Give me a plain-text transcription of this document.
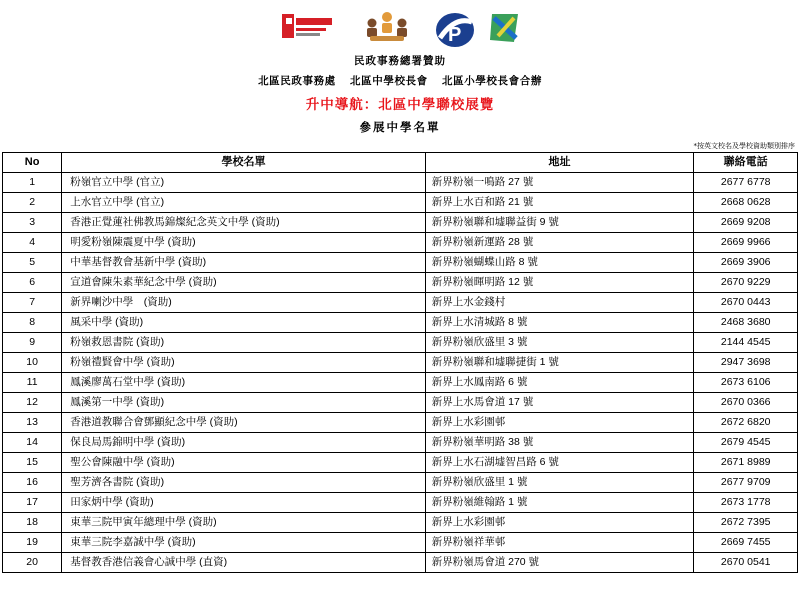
P
民政事務總署贊助
北區民政事務處 北區中學校長會 北區小學校長會合辦
升中導航：北區中學聯校展覽
參展中學名單
*按英文校名及學校資助類別排序
No	學校名單	地址	聯絡電話
1	粉嶺官立中學 (官立)	新界粉嶺一鳴路 27 號	2677 6778
2	上水官立中學 (官立)	新界上水百和路 21 號	2668 0628
3	香港正覺蓮社佛教馬錦燦紀念英文中學 (資助)	新界粉嶺聯和墟聯益街 9 號	2669 9208
4	明愛粉嶺陳震夏中學 (資助)	新界粉嶺新運路 28 號	2669 9966
5	中華基督教會基新中學 (資助)	新界粉嶺蝴蝶山路 8 號	2669 3906
6	宣道會陳朱素華紀念中學 (資助)	新界粉嶺暉明路 12 號	2670 9229
7	新界喇沙中學　(資助)	新界上水金錢村	2670 0443
8	風采中學 (資助)	新界上水清城路 8 號	2468 3680
9	粉嶺救恩書院 (資助)	新界粉嶺欣盛里 3 號	2144 4545
10	粉嶺禮賢會中學 (資助)	新界粉嶺聯和墟聯捷街 1 號	2947 3698
11	鳳溪廖萬石堂中學 (資助)	新界上水鳳南路 6 號	2673 6106
12	鳳溪第一中學 (資助)	新界上水馬會道 17 號	2670 0366
13	香港道教聯合會鄧顯紀念中學 (資助)	新界上水彩園邨	2672 6820
14	保良局馬錦明中學 (資助)	新界粉嶺華明路 38 號	2679 4545
15	聖公會陳融中學 (資助)	新界上水石湖墟智昌路 6 號	2671 8989
16	聖芳濟各書院 (資助)	新界粉嶺欣盛里 1 號	2677 9709
17	田家炳中學 (資助)	新界粉嶺維翰路 1 號	2673 1778
18	東華三院甲寅年總理中學 (資助)	新界上水彩園邨	2672 7395
19	東華三院李嘉誠中學 (資助)	新界粉嶺祥華邨	2669 7455
20	基督教香港信義會心誠中學 (直資)	新界粉嶺馬會道 270 號	2670 0541
